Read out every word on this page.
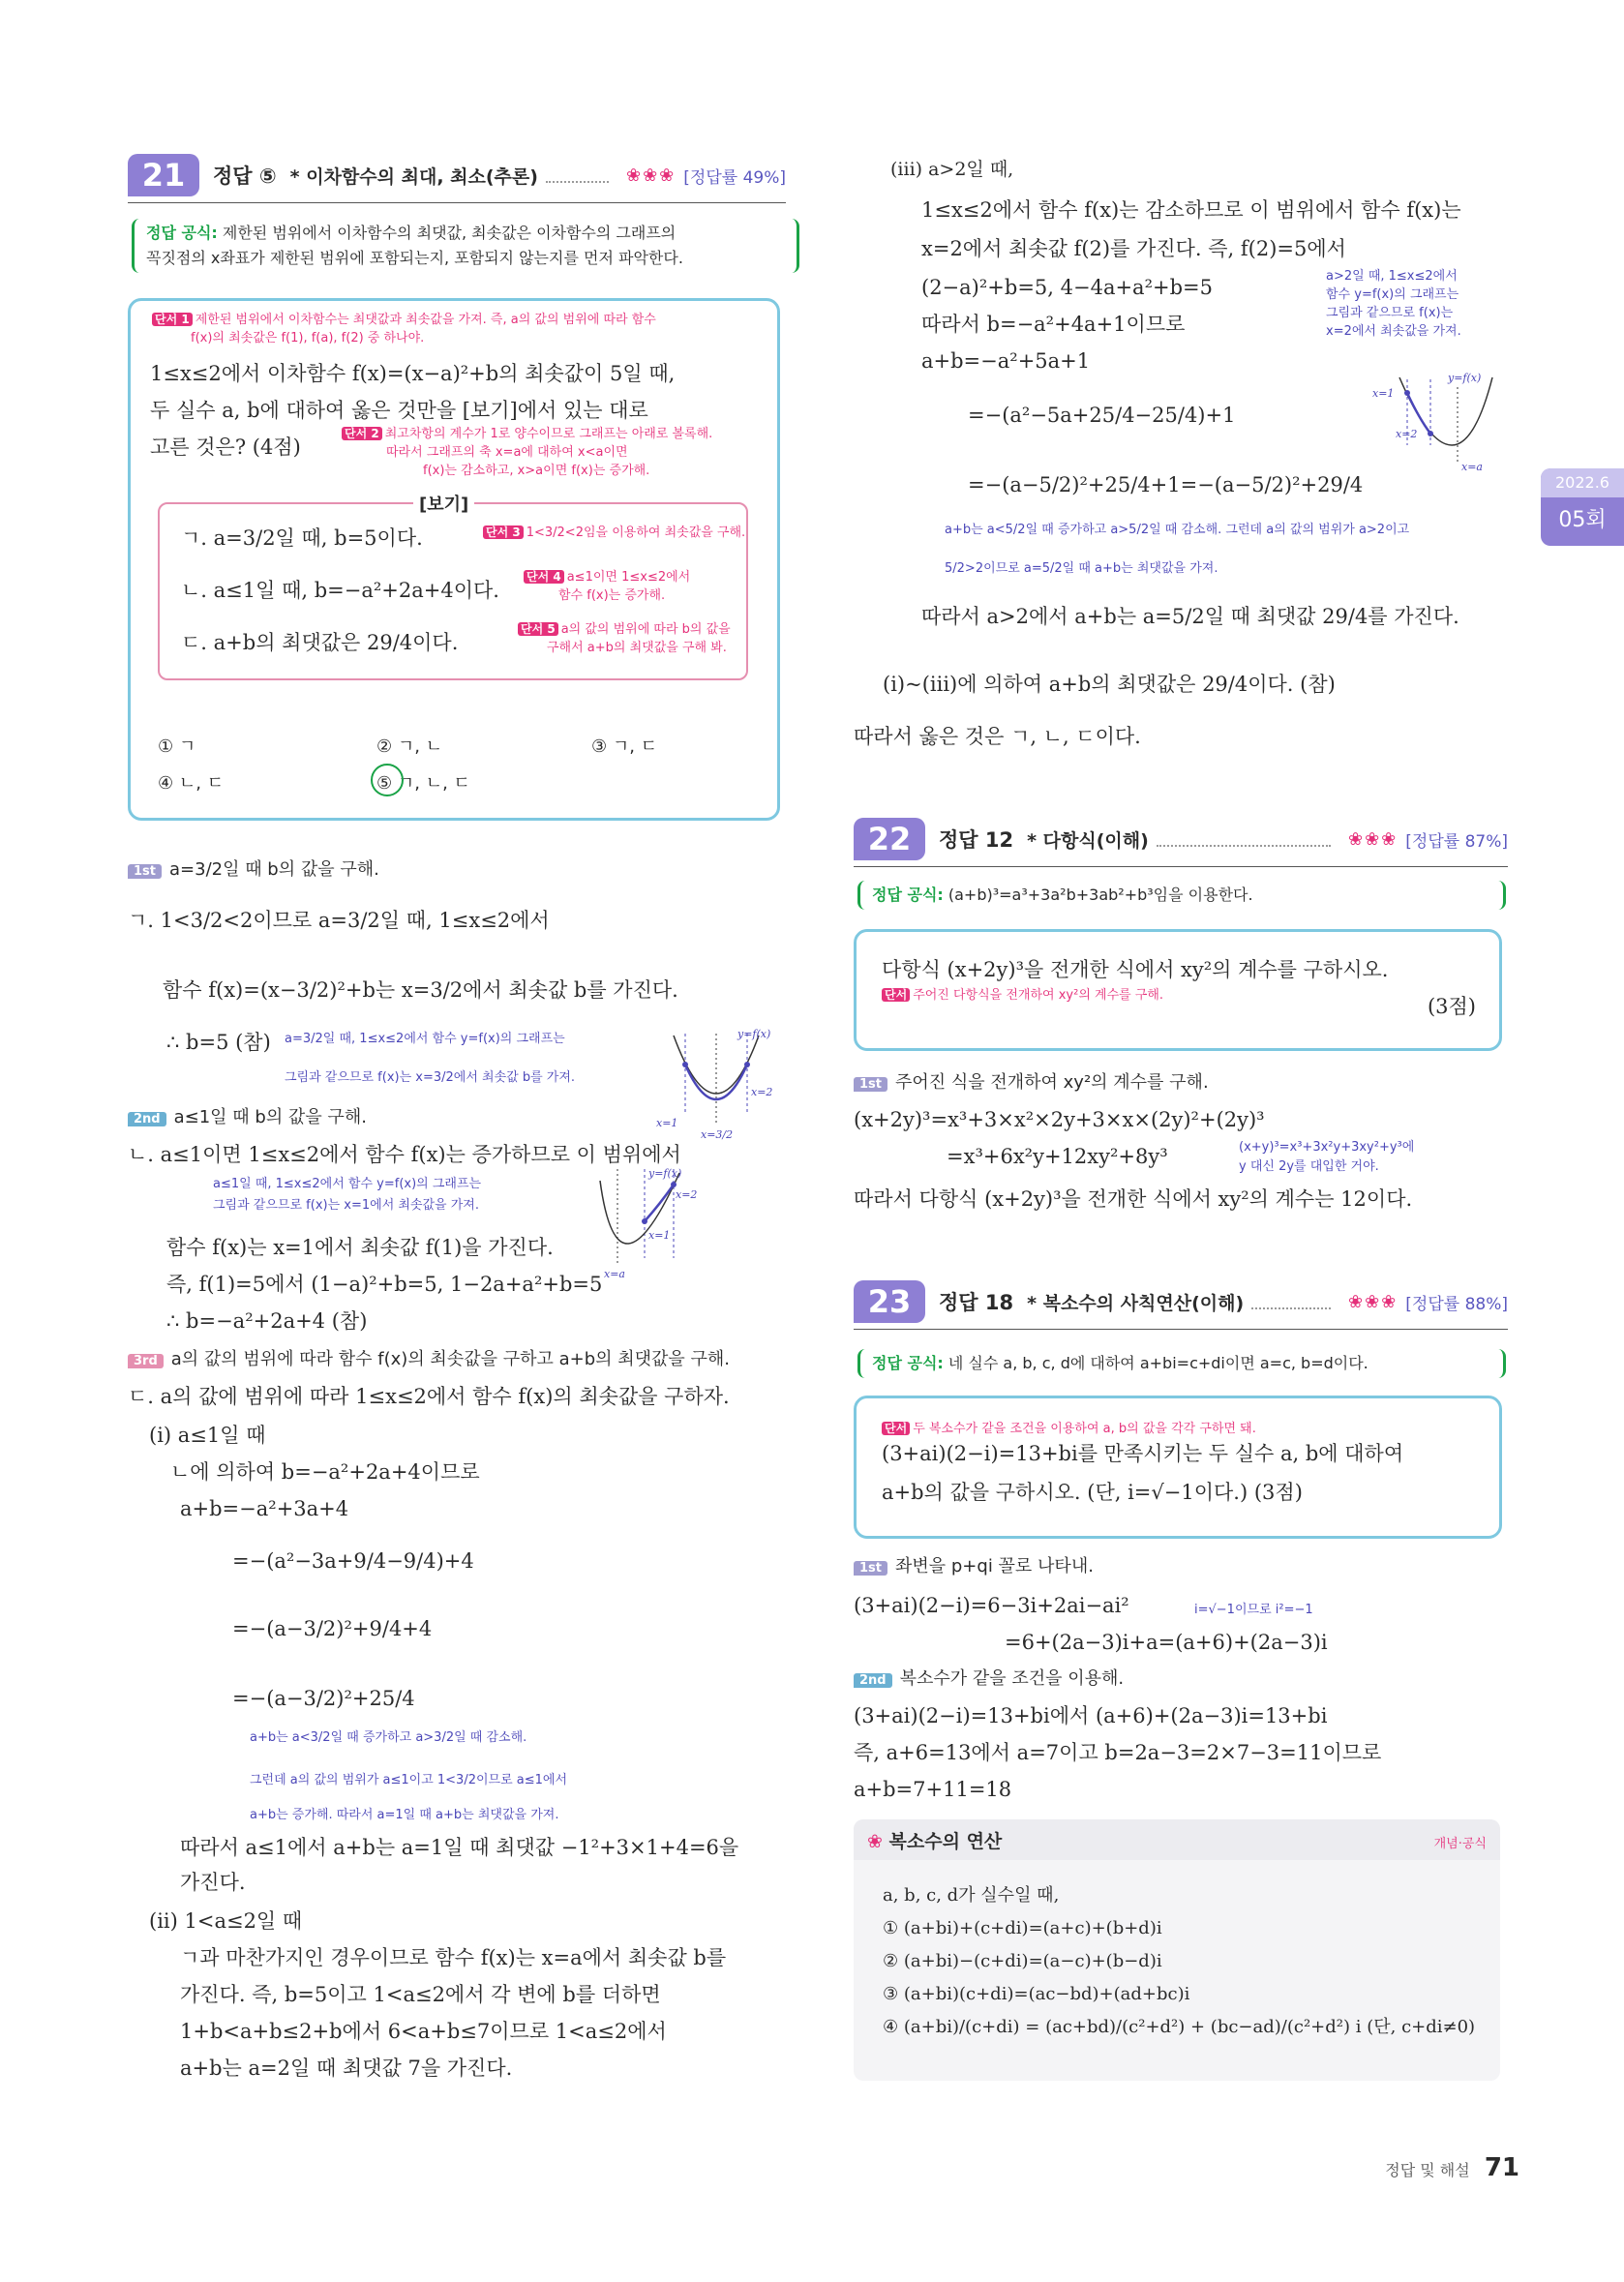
2022.6
05회
21	정답 ⑤ * 이차함수의 최대, 최소(추론)	❀❀❀ [정답률 49%]
정답 공식: 제한된 범위에서 이차함수의 최댓값, 최솟값은 이차함수의 그래프의
꼭짓점의 x좌표가 제한된 범위에 포함되는지, 포함되지 않는지를 먼저 파악한다.
단서 1 제한된 범위에서 이차함수는 최댓값과 최솟값을 가져. 즉, a의 값의 범위에 따라 함수
f(x)의 최솟값은 f(1), f(a), f(2) 중 하나야.
1≤x≤2에서 이차함수 f(x)=(x−a)²+b의 최솟값이 5일 때,
두 실수 a, b에 대하여 옳은 것만을 [보기]에서 있는 대로
고른 것은? (4점)
단서 2 최고차항의 계수가 1로 양수이므로 그래프는 아래로 볼록해.
따라서 그래프의 축 x=a에 대하여 x<a이면
f(x)는 감소하고, x>a이면 f(x)는 증가해.
[보기]
ㄱ. a=3/2일 때, b=5이다.
ㄴ. a≤1일 때, b=−a²+2a+4이다.
ㄷ. a+b의 최댓값은 29/4이다.
단서 3 1<3/2<2임을 이용하여 최솟값을 구해.
단서 4 a≤1이면 1≤x≤2에서
함수 f(x)는 증가해.
단서 5 a의 값의 범위에 따라 b의 값을
구해서 a+b의 최댓값을 구해 봐.
① ㄱ	② ㄱ, ㄴ	③ ㄱ, ㄷ
④ ㄴ, ㄷ	⑤ ㄱ, ㄴ, ㄷ
1st a=3/2일 때 b의 값을 구해.
ㄱ. 1<3/2<2이므로 a=3/2일 때, 1≤x≤2에서
함수 f(x)=(x−3/2)²+b는 x=3/2에서 최솟값 b를 가진다.
∴ b=5 (참) a=3/2일 때, 1≤x≤2에서 함수 y=f(x)의 그래프는
그림과 같으므로 f(x)는 x=3/2에서 최솟값 b를 가져.
y=f(x)
x=1
x=2
x=3/2
2nd a≤1일 때 b의 값을 구해.
ㄴ. a≤1이면 1≤x≤2에서 함수 f(x)는 증가하므로 이 범위에서
a≤1일 때, 1≤x≤2에서 함수 y=f(x)의 그래프는
그림과 같으므로 f(x)는 x=1에서 최솟값을 가져.
함수 f(x)는 x=1에서 최솟값 f(1)을 가진다.
즉, f(1)=5에서 (1−a)²+b=5, 1−2a+a²+b=5
∴ b=−a²+2a+4 (참)
y=f(x)
x=2
x=1
x=a
3rd a의 값의 범위에 따라 함수 f(x)의 최솟값을 구하고 a+b의 최댓값을 구해.
ㄷ. a의 값에 범위에 따라 1≤x≤2에서 함수 f(x)의 최솟값을 구하자.
(i) a≤1일 때
ㄴ에 의하여 b=−a²+2a+4이므로
a+b=−a²+3a+4
=−(a²−3a+9/4−9/4)+4
=−(a−3/2)²+9/4+4
=−(a−3/2)²+25/4
a+b는 a<3/2일 때 증가하고 a>3/2일 때 감소해.
그런데 a의 값의 범위가 a≤1이고 1<3/2이므로 a≤1에서
a+b는 증가해. 따라서 a=1일 때 a+b는 최댓값을 가져.
따라서 a≤1에서 a+b는 a=1일 때 최댓값 −1²+3×1+4=6을
가진다.
(ii) 1<a≤2일 때
ㄱ과 마찬가지인 경우이므로 함수 f(x)는 x=a에서 최솟값 b를
가진다. 즉, b=5이고 1<a≤2에서 각 변에 b를 더하면
1+b<a+b≤2+b에서 6<a+b≤7이므로 1<a≤2에서
a+b는 a=2일 때 최댓값 7을 가진다.
(iii) a>2일 때,
1≤x≤2에서 함수 f(x)는 감소하므로 이 범위에서 함수 f(x)는
x=2에서 최솟값 f(2)를 가진다. 즉, f(2)=5에서
(2−a)²+b=5, 4−4a+a²+b=5
따라서 b=−a²+4a+1이므로
a+b=−a²+5a+1
=−(a²−5a+25/4−25/4)+1
=−(a−5/2)²+25/4+1=−(a−5/2)²+29/4
a>2일 때, 1≤x≤2에서
함수 y=f(x)의 그래프는
그림과 같으므로 f(x)는
x=2에서 최솟값을 가져.
y=f(x)
x=1
x=2
x=a
a+b는 a<5/2일 때 증가하고 a>5/2일 때 감소해. 그런데 a의 값의 범위가 a>2이고
5/2>2이므로 a=5/2일 때 a+b는 최댓값을 가져.
따라서 a>2에서 a+b는 a=5/2일 때 최댓값 29/4를 가진다.
(i)~(iii)에 의하여 a+b의 최댓값은 29/4이다. (참)
따라서 옳은 것은 ㄱ, ㄴ, ㄷ이다.
22	정답 12 * 다항식(이해)	❀❀❀ [정답률 87%]
정답 공식: (a+b)³=a³+3a²b+3ab²+b³임을 이용한다.
다항식 (x+2y)³을 전개한 식에서 xy²의 계수를 구하시오.
단서 주어진 다항식을 전개하여 xy²의 계수를 구해.	(3점)
1st 주어진 식을 전개하여 xy²의 계수를 구해.
(x+2y)³=x³+3×x²×2y+3×x×(2y)²+(2y)³
=x³+6x²y+12xy²+8y³	(x+y)³=x³+3x²y+3xy²+y³에
y 대신 2y를 대입한 거야.
따라서 다항식 (x+2y)³을 전개한 식에서 xy²의 계수는 12이다.
23	정답 18 * 복소수의 사칙연산(이해)	❀❀❀ [정답률 88%]
정답 공식: 네 실수 a, b, c, d에 대하여 a+bi=c+di이면 a=c, b=d이다.
단서 두 복소수가 같을 조건을 이용하여 a, b의 값을 각각 구하면 돼.
(3+ai)(2−i)=13+bi를 만족시키는 두 실수 a, b에 대하여
a+b의 값을 구하시오. (단, i=√−1이다.) (3점)
1st 좌변을 p+qi 꼴로 나타내.
(3+ai)(2−i)=6−3i+2ai−ai²	i=√−1이므로 i²=−1
=6+(2a−3)i+a=(a+6)+(2a−3)i
2nd 복소수가 같을 조건을 이용해.
(3+ai)(2−i)=13+bi에서 (a+6)+(2a−3)i=13+bi
즉, a+6=13에서 a=7이고 b=2a−3=2×7−3=11이므로
a+b=7+11=18
❀ 복소수의 연산	개념·공식
a, b, c, d가 실수일 때,
① (a+bi)+(c+di)=(a+c)+(b+d)i
② (a+bi)−(c+di)=(a−c)+(b−d)i
③ (a+bi)(c+di)=(ac−bd)+(ad+bc)i
④ (a+bi)/(c+di) = (ac+bd)/(c²+d²) + (bc−ad)/(c²+d²) i (단, c+di≠0)
정답 및 해설 71
